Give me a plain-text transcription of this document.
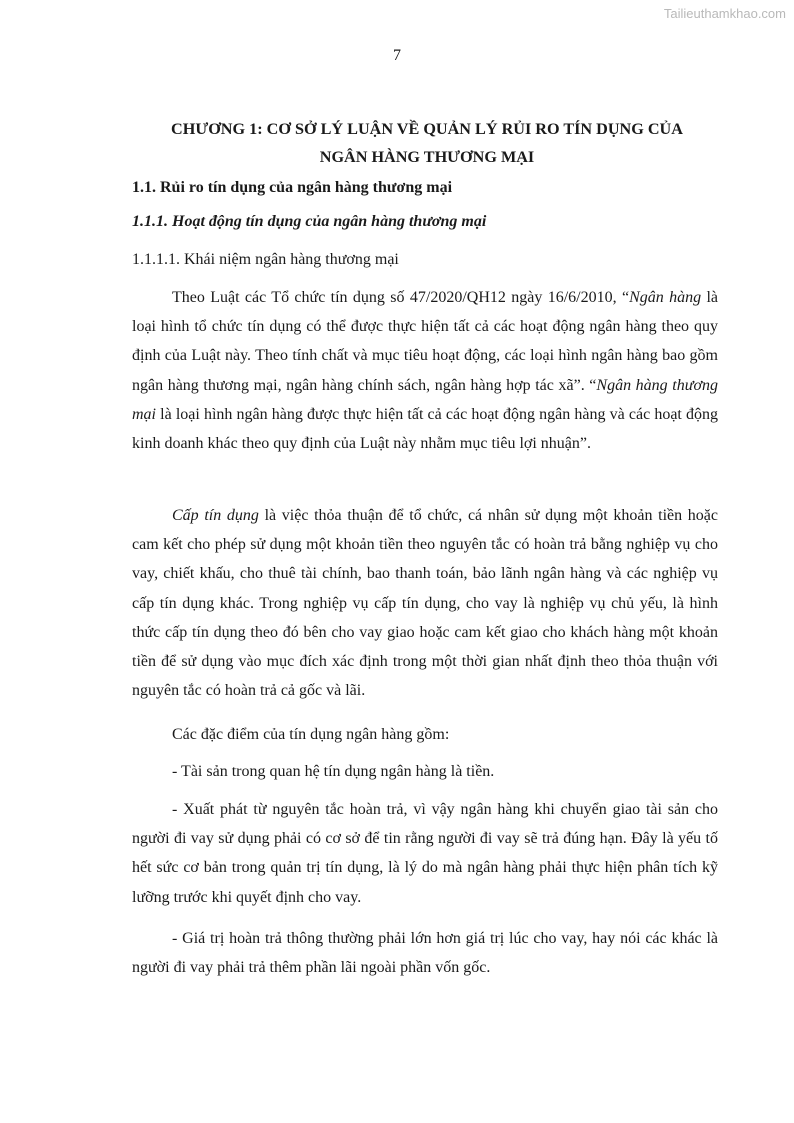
Tailieuthamkhao.com
7
CHƯƠNG 1: CƠ SỞ LÝ LUẬN VỀ QUẢN LÝ RỦI RO TÍN DỤNG CỦA
NGÂN HÀNG THƯƠNG MẠI
1.1. Rủi ro tín dụng của ngân hàng thương mại
1.1.1. Hoạt động tín dụng của ngân hàng thương mại
1.1.1.1. Khái niệm ngân hàng thương mại

Theo Luật các Tổ chức tín dụng số 47/2020/QH12 ngày 16/6/2010, “Ngân hàng là loại hình tổ chức tín dụng có thể được thực hiện tất cả các hoạt động ngân hàng theo quy định của Luật này. Theo tính chất và mục tiêu hoạt động, các loại hình ngân hàng bao gồm ngân hàng thương mại, ngân hàng chính sách, ngân hàng hợp tác xã”. “Ngân hàng thương mại là loại hình ngân hàng được thực hiện tất cả các hoạt động ngân hàng và các hoạt động kinh doanh khác theo quy định của Luật này nhằm mục tiêu lợi nhuận”.

Cấp tín dụng là việc thỏa thuận để tổ chức, cá nhân sử dụng một khoản tiền hoặc cam kết cho phép sử dụng một khoản tiền theo nguyên tắc có hoàn trả bằng nghiệp vụ cho vay, chiết khấu, cho thuê tài chính, bao thanh toán, bảo lãnh ngân hàng và các nghiệp vụ cấp tín dụng khác. Trong nghiệp vụ cấp tín dụng, cho vay là nghiệp vụ chủ yếu, là hình thức cấp tín dụng theo đó bên cho vay giao hoặc cam kết giao cho khách hàng một khoản tiền để sử dụng vào mục đích xác định trong một thời gian nhất định theo thỏa thuận với nguyên tắc có hoàn trả cả gốc và lãi.

Các đặc điểm của tín dụng ngân hàng gồm:

- Tài sản trong quan hệ tín dụng ngân hàng là tiền.

- Xuất phát từ nguyên tắc hoàn trả, vì vậy ngân hàng khi chuyển giao tài sản cho người đi vay sử dụng phải có cơ sở để tin rằng người đi vay sẽ trả đúng hạn. Đây là yếu tố hết sức cơ bản trong quản trị tín dụng, là lý do mà ngân hàng phải thực hiện phân tích kỹ lưỡng trước khi quyết định cho vay.

- Giá trị hoàn trả thông thường phải lớn hơn giá trị lúc cho vay, hay nói các khác là người đi vay phải trả thêm phần lãi ngoài phần vốn gốc.
